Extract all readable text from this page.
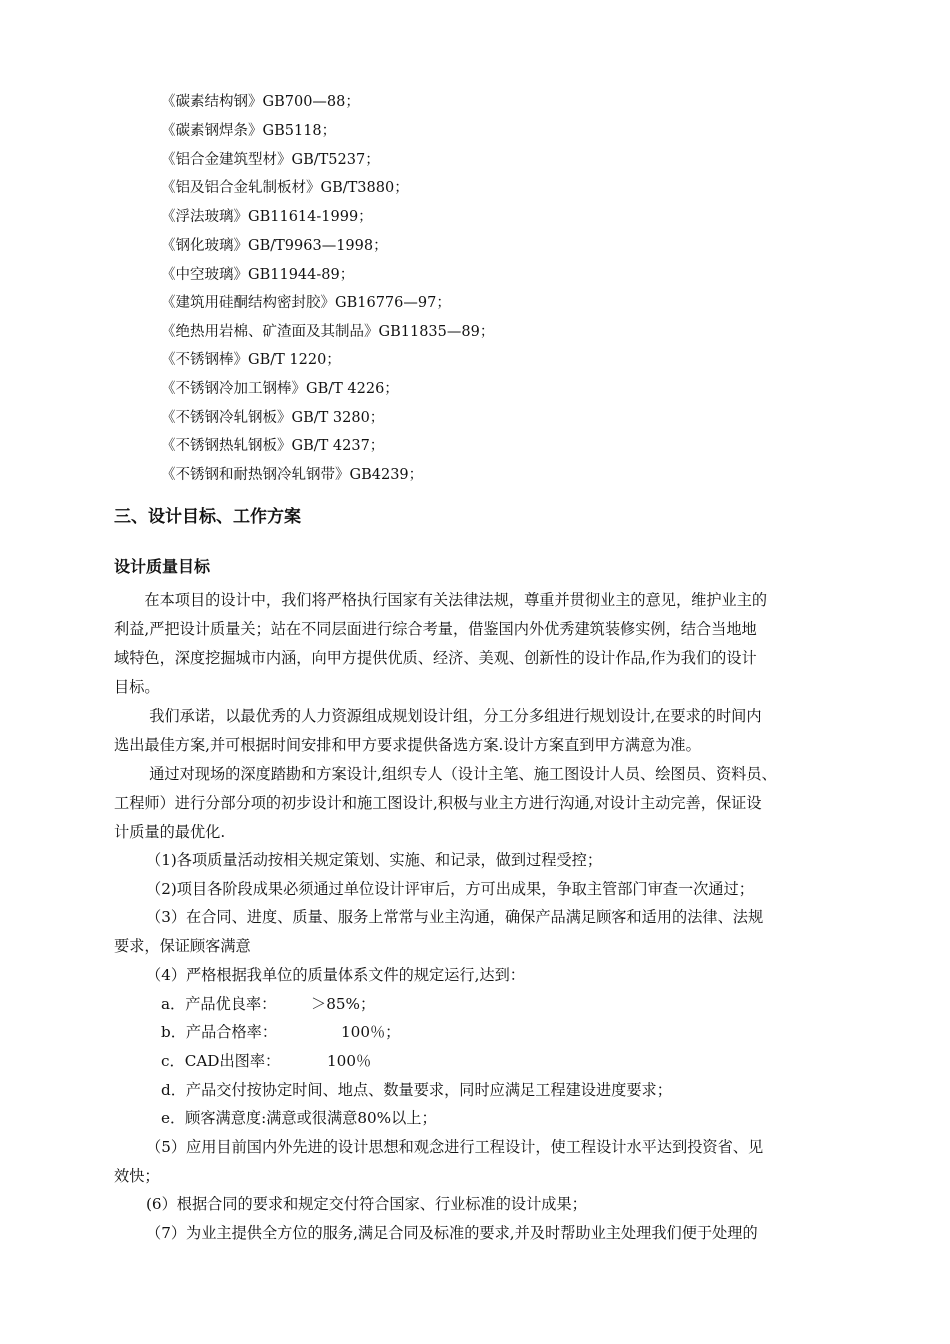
《碳素结构钢》GB700—88；
《碳素钢焊条》GB5118；
《铝合金建筑型材》GB/T5237；
《铝及铝合金轧制板材》GB/T3880；
《浮法玻璃》GB11614-1999；
《钢化玻璃》GB/T9963—1998；
《中空玻璃》GB11944-89；
《建筑用硅酮结构密封胶》GB16776—97；
《绝热用岩棉、矿渣面及其制品》GB11835—89；
《不锈钢棒》GB/T 1220；
《不锈钢冷加工钢棒》GB/T 4226；
《不锈钢冷轧钢板》GB/T 3280；
《不锈钢热轧钢板》GB/T 4237；
《不锈钢和耐热钢冷轧钢带》GB4239；
三、设计目标、工作方案
设计质量目标
　　在本项目的设计中，我们将严格执行国家有关法律法规，尊重并贯彻业主的意见，维护业主的
利益,严把设计质量关；站在不同层面进行综合考量，借鉴国内外优秀建筑装修实例，结合当地地
域特色，深度挖掘城市内涵，向甲方提供优质、经济、美观、创新性的设计作品,作为我们的设计
目标。
　　 我们承诺，以最优秀的人力资源组成规划设计组，分工分多组进行规划设计,在要求的时间内
选出最佳方案,并可根据时间安排和甲方要求提供备选方案.设计方案直到甲方满意为准。
　　 通过对现场的深度踏勘和方案设计,组织专人（设计主笔、施工图设计人员、绘图员、资料员、
工程师）进行分部分项的初步设计和施工图设计,积极与业主方进行沟通,对设计主动完善，保证设
计质量的最优化.
（1)各项质量活动按相关规定策划、实施、和记录，做到过程受控；
（2)项目各阶段成果必须通过单位设计评审后，方可出成果，争取主管部门审查一次通过；
（3）在合同、进度、质量、服务上常常与业主沟通，确保产品满足顾客和适用的法律、法规
要求，保证顾客满意
（4）严格根据我单位的质量体系文件的规定运行,达到：
a．产品优良率： ＞85%；
b．产品合格率：	100％；
c．CAD出图率：	100％
d．产品交付按协定时间、地点、数量要求，同时应满足工程建设进度要求；
e．顾客满意度:满意或很满意80%以上；
（5）应用目前国内外先进的设计思想和观念进行工程设计，使工程设计水平达到投资省、见
效快；
(6）根据合同的要求和规定交付符合国家、行业标准的设计成果；
（7）为业主提供全方位的服务,满足合同及标准的要求,并及时帮助业主处理我们便于处理的
